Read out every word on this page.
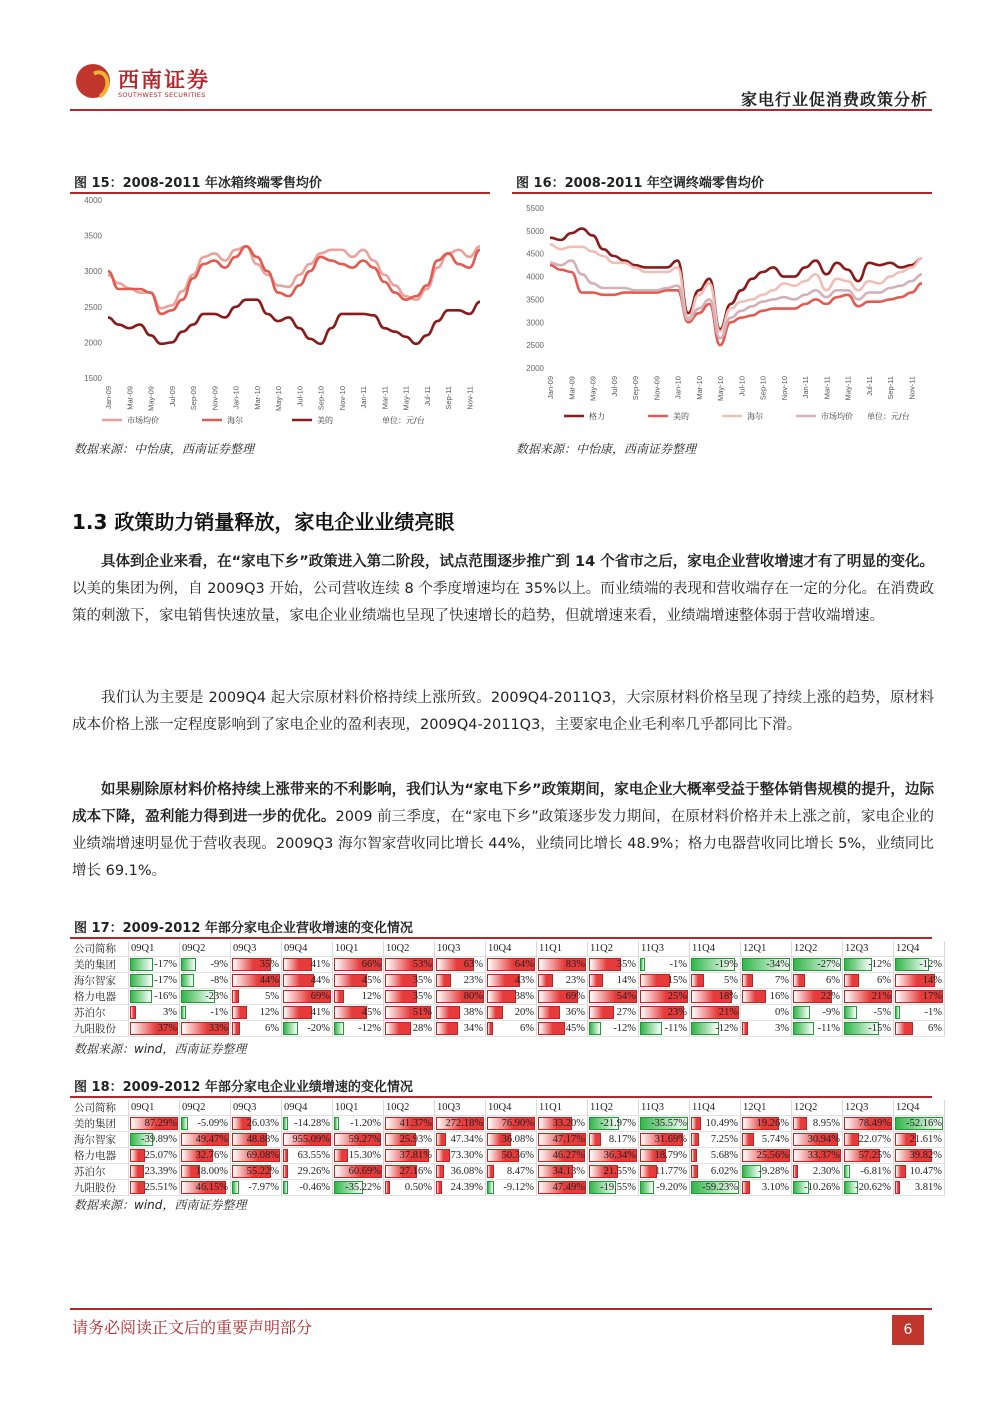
西南证券
SOUTHWEST SECURITIES	家电行业促消费政策分析
图 15：2008-2011 年冰箱终端零售均价
1500
2000
2500
3000
3500
4000
Jan-09 Mar-09 May-09 Jul-09 Sep-09 Nov-09 Jan-10 Mar-10 May-10 Jul-10 Sep-10 Nov-10 Jan-11 Mar-11 May-11 Jul-11 Sep-11 Nov-11
市场均价	海尔	美的	单位：元/台
数据来源：中怡康，西南证券整理
图 16：2008-2011 年空调终端零售均价
2000
2500
3000
3500
4000
4500
5000
5500
Jan-09 Mar-09 May-09 Jul-09 Sep-09 Nov-09 Jan-10 Mar-10 May-10 Jul-10 Sep-10 Nov-10 Jan-11 Mar-11 May-11 Jul-11 Sep-11 Nov-11
格力	美的	海尔	市场均价 单位：元/台
数据来源：中怡康，西南证券整理
1.3 政策助力销量释放，家电企业业绩亮眼
具体到企业来看，在“家电下乡”政策进入第二阶段，试点范围逐步推广到 14 个省市之后，家电企业营收增速才有了明显的变化。以美的集团为例，自 2009Q3 开始，公司营收连续 8 个季度增速均在 35%以上。而业绩端的表现和营收端存在一定的分化。在消费政策的刺激下，家电销售快速放量，家电企业业绩端也呈现了快速增长的趋势，但就增速来看，业绩端增速整体弱于营收端增速。
我们认为主要是 2009Q4 起大宗原材料价格持续上涨所致。2009Q4-2011Q3，大宗原材料价格呈现了持续上涨的趋势，原材料成本价格上涨一定程度影响到了家电企业的盈利表现，2009Q4-2011Q3，主要家电企业毛利率几乎都同比下滑。
如果剔除原材料价格持续上涨带来的不利影响，我们认为“家电下乡”政策期间，家电企业大概率受益于整体销售规模的提升，边际成本下降，盈利能力得到进一步的优化。2009 前三季度，在“家电下乡”政策逐步发力期间，在原材料价格并未上涨之前，家电企业的业绩端增速明显优于营收表现。2009Q3 海尔智家营收同比增长 44%，业绩同比增长 48.9%；格力电器营收同比增长 5%，业绩同比增长 69.1%。
图 17：2009-2012 年部分家电企业营收增速的变化情况
公司简称	09Q1	09Q2	09Q3	09Q4	10Q1	10Q2	10Q3	10Q4	11Q1	11Q2	11Q3	11Q4	12Q1	12Q2	12Q3	12Q4
美的集团	-17%	-9%	35%	41%	66%	53%	63%	64%	83%	35%	-1%	-19%	-34%	-27%	-12%	-12%
海尔智家	-17%	-8%	44%	44%	45%	35%	23%	43%	23%	14%	15%	5%	7%	6%	6%	14%
格力电器	-16%	-23%	5%	69%	12%	35%	80%	38%	69%	54%	25%	18%	16%	22%	21%	17%
苏泊尔	3%	-1%	12%	41%	45%	51%	38%	20%	36%	27%	23%	21%	0%	-9%	-5%	-1%
九阳股份	37%	33%	6%	-20%	-12%	28%	34%	6%	45%	-12%	-11%	-12%	3%	-11%	-15%	6%
数据来源：wind，西南证券整理
图 18：2009-2012 年部分家电企业业绩增速的变化情况
公司简称	09Q1	09Q2	09Q3	09Q4	10Q1	10Q2	10Q3	10Q4	11Q1	11Q2	11Q3	11Q4	12Q1	12Q2	12Q3	12Q4
美的集团	87.29%	-5.09%	26.03%	-14.28%	-1.20%	41.37%	272.18%	76.90%	33.20%	-21.97%	-35.57%	10.49%	19.26%	8.95%	78.49%	-52.16%
海尔智家	-39.89%	49.47%	48.88%	955.09%	59.27%	25.93%	47.34%	36.08%	47.17%	8.17%	31.69%	7.25%	5.74%	30.94%	22.07%	21.61%
格力电器	25.07%	32.76%	69.08%	63.55%	15.30%	37.81%	73.30%	50.36%	46.27%	36.34%	18.79%	5.68%	25.56%	33.37%	57.25%	39.82%
苏泊尔	23.39%	18.00%	55.22%	29.26%	60.69%	27.16%	36.08%	8.47%	34.13%	21.55%	11.77%	6.02%	-9.28%	2.30%	-6.81%	10.47%
九阳股份	25.51%	46.15%	-7.97%	-0.46%	-35.22%	0.50%	24.39%	-9.12%	47.49%	-19.55%	-9.20%	-59.23%	3.10%	-10.26%	-20.62%	3.81%
数据来源：wind，西南证券整理
请务必阅读正文后的重要声明部分	6
